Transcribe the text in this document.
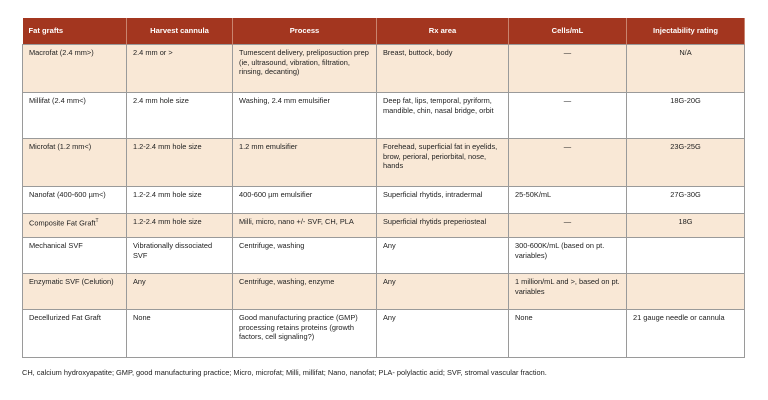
Fat grafts	Harvest cannula	Process	Rx area	Cells/mL	Injectability rating
Macrofat (2.4 mm>)	2.4 mm or >	Tumescent delivery, preliposuction prep (ie, ultrasound, vibration, filtration, rinsing, decanting)	Breast, buttock, body	—	N/A
Millifat (2.4 mm<)	2.4 mm hole size	Washing, 2.4 mm emulsifier	Deep fat, lips, temporal, pyriform, mandible, chin, nasal bridge, orbit	—	18G-20G
Microfat (1.2 mm<)	1.2-2.4 mm hole size	1.2 mm emulsifier	Forehead, superficial fat in eyelids, brow, perioral, periorbital, nose, hands	—	23G-25G
Nanofat (400-600 µm<)	1.2-2.4 mm hole size	400-600 µm emulsifier	Superficial rhytids, intradermal	25-50K/mL	27G-30G
Composite Fat Graft$^T$	1.2-2.4 mm hole size	Milli, micro, nano +/- SVF, CH, PLA	Superficial rhytids preperiosteal	—	18G
Mechanical SVF	Vibrationally dissociated SVF	Centrifuge, washing	Any	300-600K/mL (based on pt. variables)	
Enzymatic SVF (Celution)	Any	Centrifuge, washing, enzyme	Any	1 million/mL and >, based on pt. variables	
Decellurized Fat Graft	None	Good manufacturing practice (GMP) processing retains proteins (growth factors, cell signaling?)	Any	None	21 gauge needle or cannula
CH, calcium hydroxyapatite; GMP, good manufacturing practice; Micro, microfat; Milli, millifat; Nano, nanofat; PLA- polylactic acid; SVF, stromal vascular fraction.
